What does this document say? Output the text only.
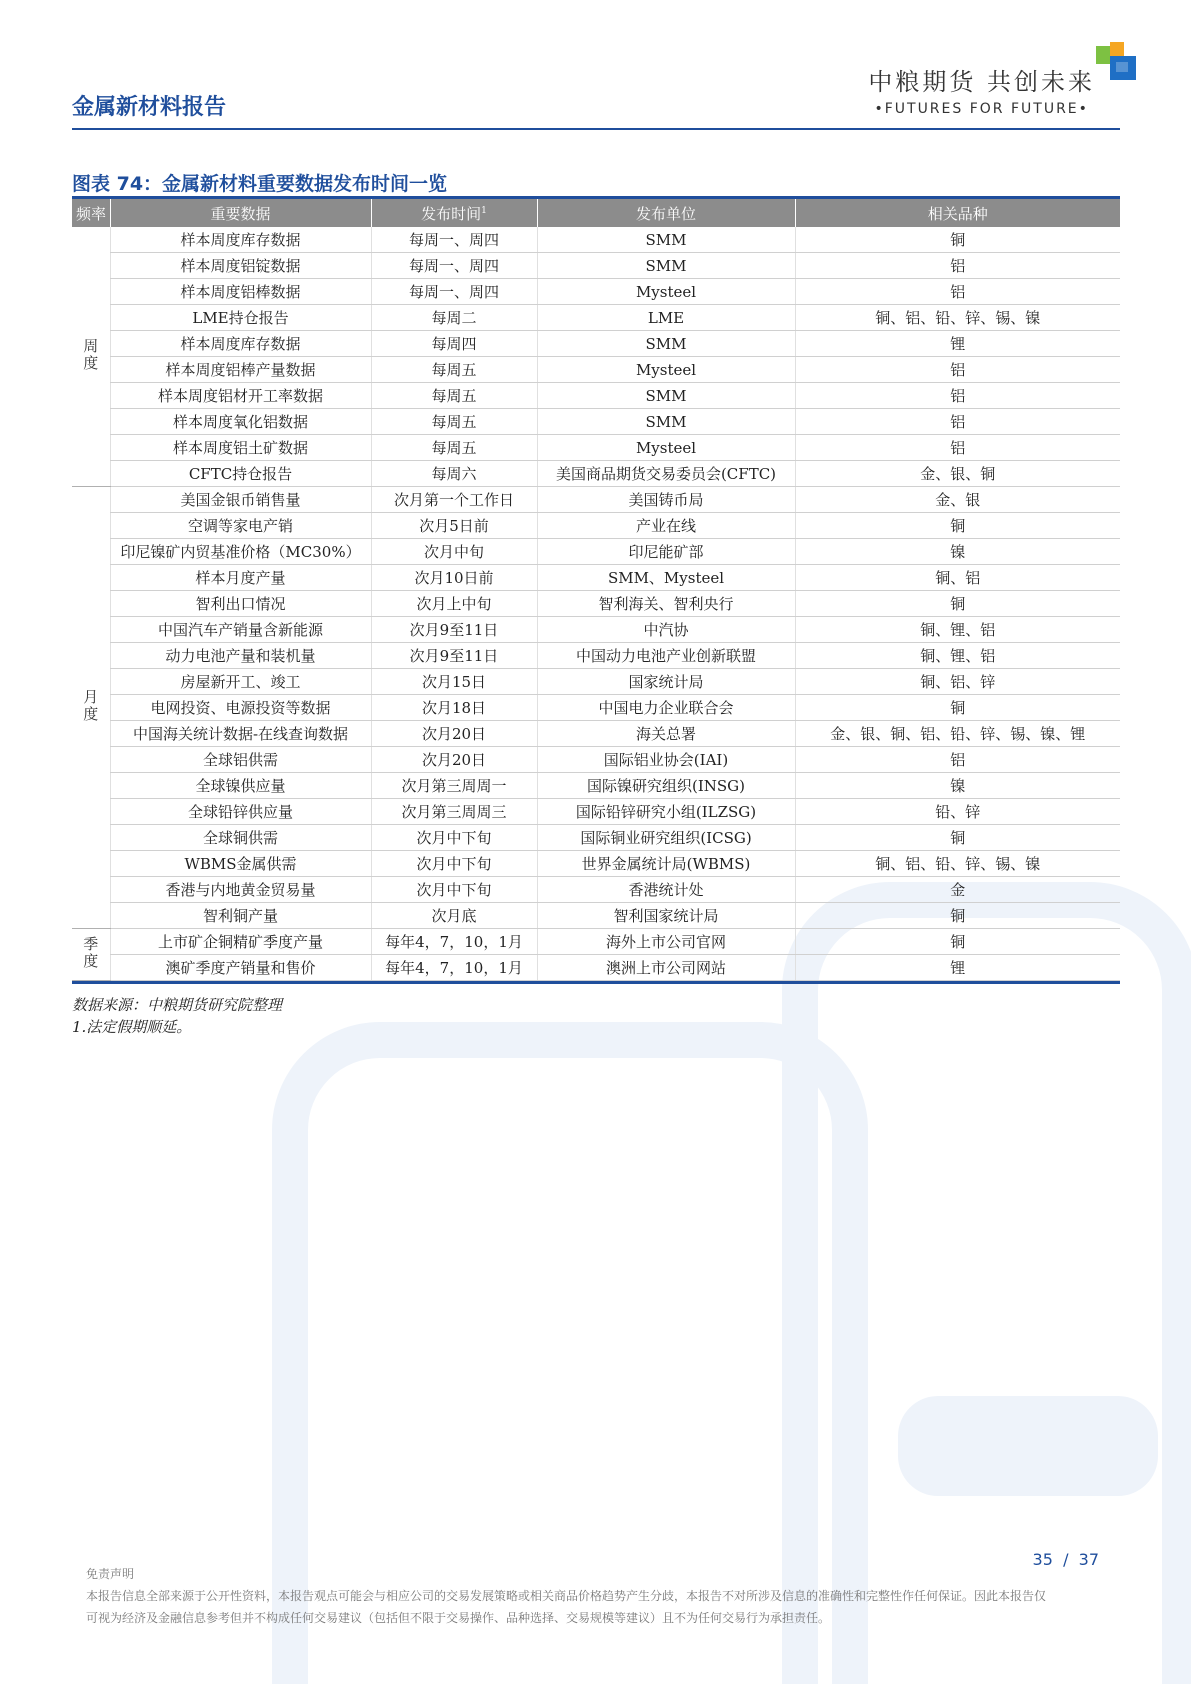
金属新材料报告
中粮期货 共创未来
•FUTURES FOR FUTURE•
图表 74：金属新材料重要数据发布时间一览
频率	重要数据	发布时间$^1$	发布单位	相关品种
周度	样本周度库存数据	每周一、周四	SMM	铜
	样本周度铝锭数据	每周一、周四	SMM	铝
	样本周度铝棒数据	每周一、周四	Mysteel	铝
	LME持仓报告	每周二	LME	铜、铝、铅、锌、锡、镍
	样本周度库存数据	每周四	SMM	锂
	样本周度铝棒产量数据	每周五	Mysteel	铝
	样本周度铝材开工率数据	每周五	SMM	铝
	样本周度氧化铝数据	每周五	SMM	铝
	样本周度铝土矿数据	每周五	Mysteel	铝
	CFTC持仓报告	每周六	美国商品期货交易委员会(CFTC)	金、银、铜
月度	美国金银币销售量	次月第一个工作日	美国铸币局	金、银
	空调等家电产销	次月5日前	产业在线	铜
	印尼镍矿内贸基准价格（MC30%）	次月中旬	印尼能矿部	镍
	样本月度产量	次月10日前	SMM、Mysteel	铜、铝
	智利出口情况	次月上中旬	智利海关、智利央行	铜
	中国汽车产销量含新能源	次月9至11日	中汽协	铜、锂、铝
	动力电池产量和装机量	次月9至11日	中国动力电池产业创新联盟	铜、锂、铝
	房屋新开工、竣工	次月15日	国家统计局	铜、铝、锌
	电网投资、电源投资等数据	次月18日	中国电力企业联合会	铜
	中国海关统计数据-在线查询数据	次月20日	海关总署	金、银、铜、铝、铅、锌、锡、镍、锂
	全球铝供需	次月20日	国际铝业协会(IAI)	铝
	全球镍供应量	次月第三周周一	国际镍研究组织(INSG)	镍
	全球铅锌供应量	次月第三周周三	国际铅锌研究小组(ILZSG)	铅、锌
	全球铜供需	次月中下旬	国际铜业研究组织(ICSG)	铜
	WBMS金属供需	次月中下旬	世界金属统计局(WBMS)	铜、铝、铅、锌、锡、镍
	香港与内地黄金贸易量	次月中下旬	香港统计处	金
	智利铜产量	次月底	智利国家统计局	铜
季度	上市矿企铜精矿季度产量	每年4，7，10，1月	海外上市公司官网	铜
	澳矿季度产销量和售价	每年4，7，10，1月	澳洲上市公司网站	锂
数据来源：中粮期货研究院整理
1.法定假期顺延。
35 / 37
免责声明
本报告信息全部来源于公开性资料，本报告观点可能会与相应公司的交易发展策略或相关商品价格趋势产生分歧，本报告不对所涉及信息的准确性和完整性作任何保证。因此本报告仅可视为经济及金融信息参考但并不构成任何交易建议（包括但不限于交易操作、品种选择、交易规模等建议）且不为任何交易行为承担责任。
